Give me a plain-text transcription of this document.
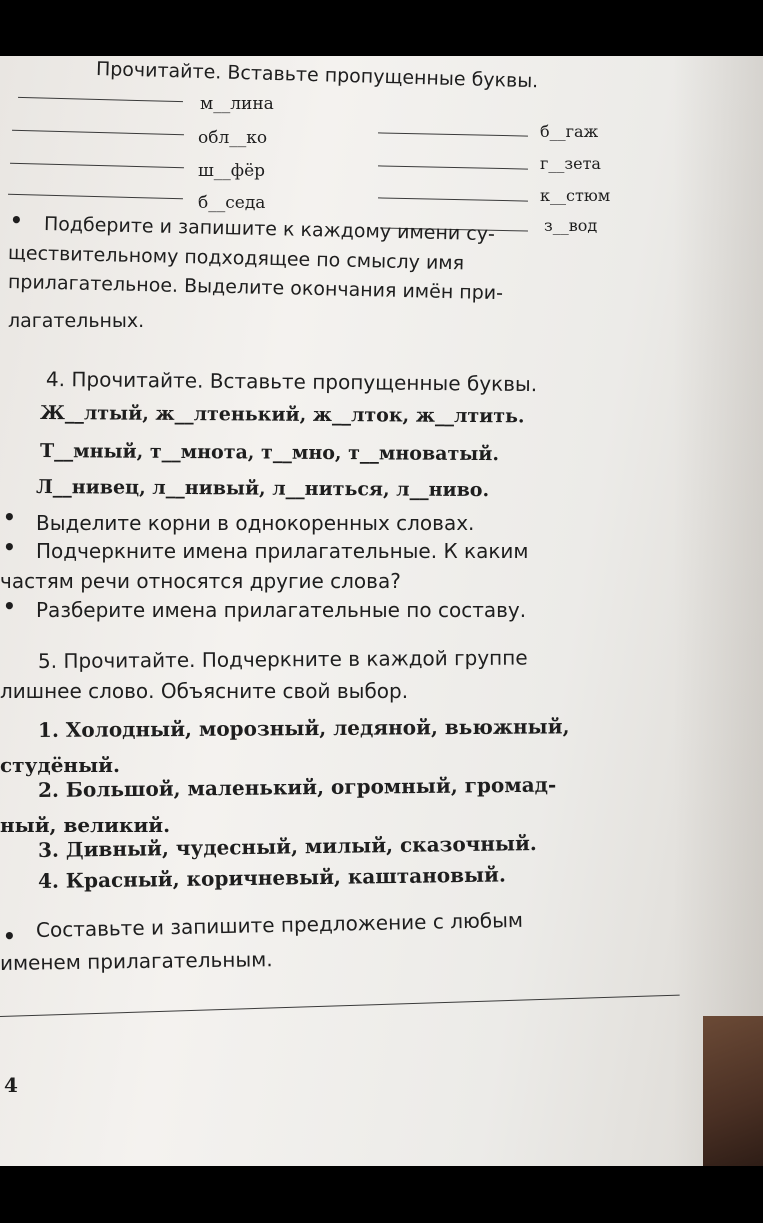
Прочитайте. Вставьте пропущенные буквы.
м__лина
обл__ко
ш__фёр
б__седа
б__гаж
г__зета
к__стюм
з__вод
• Подберите и запишите к каждому имени су-
ществительному подходящее по смыслу имя
прилагательное. Выделите окончания имён при-
лагательных.
4. Прочитайте. Вставьте пропущенные буквы.
Ж__лтый, ж__лтенький, ж__лток, ж__лтить.
Т__мный, т__мнота, т__мно, т__мноватый.
Л__нивец, л__нивый, л__ниться, л__ниво.
• Выделите корни в однокоренных словах.
• Подчеркните имена прилагательные. К каким
частям речи относятся другие слова?
• Разберите имена прилагательные по составу.
5. Прочитайте. Подчеркните в каждой группе
лишнее слово. Объясните свой выбор.
1. Холодный, морозный, ледяной, вьюжный,
студёный.
2. Большой, маленький, огромный, громад-
ный, великий.
3. Дивный, чудесный, милый, сказочный.
4. Красный, коричневый, каштановый.
• Составьте и запишите предложение с любым
именем прилагательным.
4
